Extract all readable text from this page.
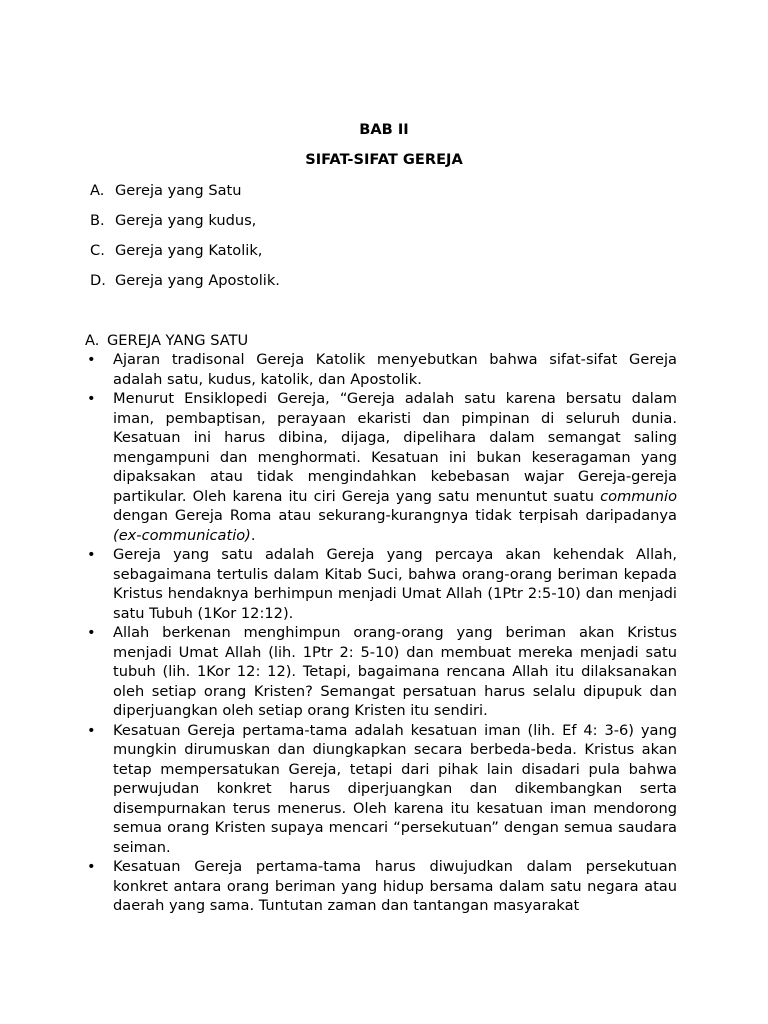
BAB II
SIFAT-SIFAT GEREJA
A. Gereja yang Satu
B. Gereja yang kudus,
C. Gereja yang Katolik,
D. Gereja yang Apostolik.
A. GEREJA YANG SATU
• Ajaran tradisonal Gereja Katolik menyebutkan bahwa sifat-sifat Gereja adalah satu, kudus, katolik, dan Apostolik.
• Menurut Ensiklopedi Gereja, “Gereja adalah satu karena bersatu dalam iman, pembaptisan, perayaan ekaristi dan pimpinan di seluruh dunia. Kesatuan ini harus dibina, dijaga, dipelihara dalam semangat saling mengampuni dan menghormati. Kesatuan ini bukan keseragaman yang dipaksakan atau tidak mengindahkan kebebasan wajar Gereja-gereja partikular. Oleh karena itu ciri Gereja yang satu menuntut suatu communio dengan Gereja Roma atau sekurang-kurangnya tidak terpisah daripadanya (ex-communicatio).
• Gereja yang satu adalah Gereja yang percaya akan kehendak Allah, sebagaimana tertulis dalam Kitab Suci, bahwa orang-orang beriman kepada Kristus hendaknya berhimpun menjadi Umat Allah (1Ptr 2:5-10) dan menjadi satu Tubuh (1Kor 12:12).
• Allah berkenan menghimpun orang-orang yang beriman akan Kristus menjadi Umat Allah (lih. 1Ptr 2: 5-10) dan membuat mereka menjadi satu tubuh (lih. 1Kor 12: 12). Tetapi, bagaimana rencana Allah itu dilaksanakan oleh setiap orang Kristen? Semangat persatuan harus selalu dipupuk dan diperjuangkan oleh setiap orang Kristen itu sendiri.
• Kesatuan Gereja pertama-tama adalah kesatuan iman (lih. Ef 4: 3-6) yang mungkin dirumuskan dan diungkapkan secara berbeda-beda. Kristus akan tetap mempersatukan Gereja, tetapi dari pihak lain disadari pula bahwa perwujudan konkret harus diperjuangkan dan dikembangkan serta disempurnakan terus menerus. Oleh karena itu kesatuan iman mendorong semua orang Kristen supaya mencari “persekutuan” dengan semua saudara seiman.
• Kesatuan Gereja pertama-tama harus diwujudkan dalam persekutuan konkret antara orang beriman yang hidup bersama dalam satu negara atau daerah yang sama. Tuntutan zaman dan tantangan masyarakat
